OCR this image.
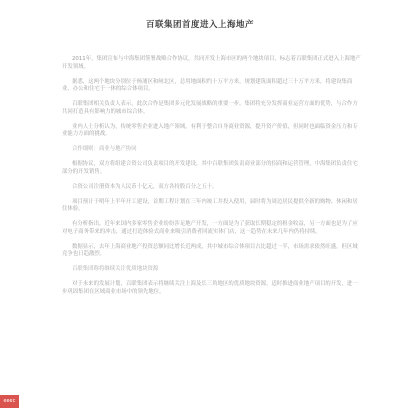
百联集团首度进入上海地产

2011年，集团宣布与中海集团签署战略合作协议，共同开发上海市区的两个地块项目，标志着百联集团正式进入上海地产开发领域。

据悉，这两个地块分别位于杨浦区和闸北区，总用地面积约十万平方米，规划建筑面积超过三十万平方米，将建设集商业、办公和住宅于一体的综合体项目。

百联集团相关负责人表示，此次合作是集团多元化发展战略的重要一步，集团将充分发挥商业运营方面的优势，与合作方共同打造具有影响力的城市综合体。

业内人士分析认为，传统零售企业进入地产领域，有利于整合自身商业资源，提升资产价值，但同时也面临资金压力和专业能力方面的挑战。

合作细则：商业与地产协同

根据协议，双方将组建合资公司负责项目的开发建设，其中百联集团负责商业部分的招商和运营管理，中海集团负责住宅部分的开发销售。

合资公司注册资本为人民币十亿元，双方各持股百分之五十。

项目预计于明年上半年开工建设，首期工程计划在三年内竣工并投入使用，届时将为周边居民提供全新的购物、休闲和居住体验。

有分析指出，近年来国内多家零售企业纷纷涉足地产开发，一方面是为了获取长期稳定的租金收益，另一方面也是为了应对电子商务带来的冲击，通过打造体验式商业来吸引消费者回流实体门店，这一趋势在未来几年内仍将持续。

数据显示，去年上海商业地产投资总额同比增长近两成，其中城市综合体项目占比超过一半，市场需求依然旺盛，但区域竞争也日趋激烈。

百联集团称将继续关注优质地块资源

对于未来的发展计划，百联集团表示将继续关注上海及长三角地区的优质地块资源，适时推进商业地产项目的开发，进一步巩固集团在区域商业市场中的领先地位。

eeec
